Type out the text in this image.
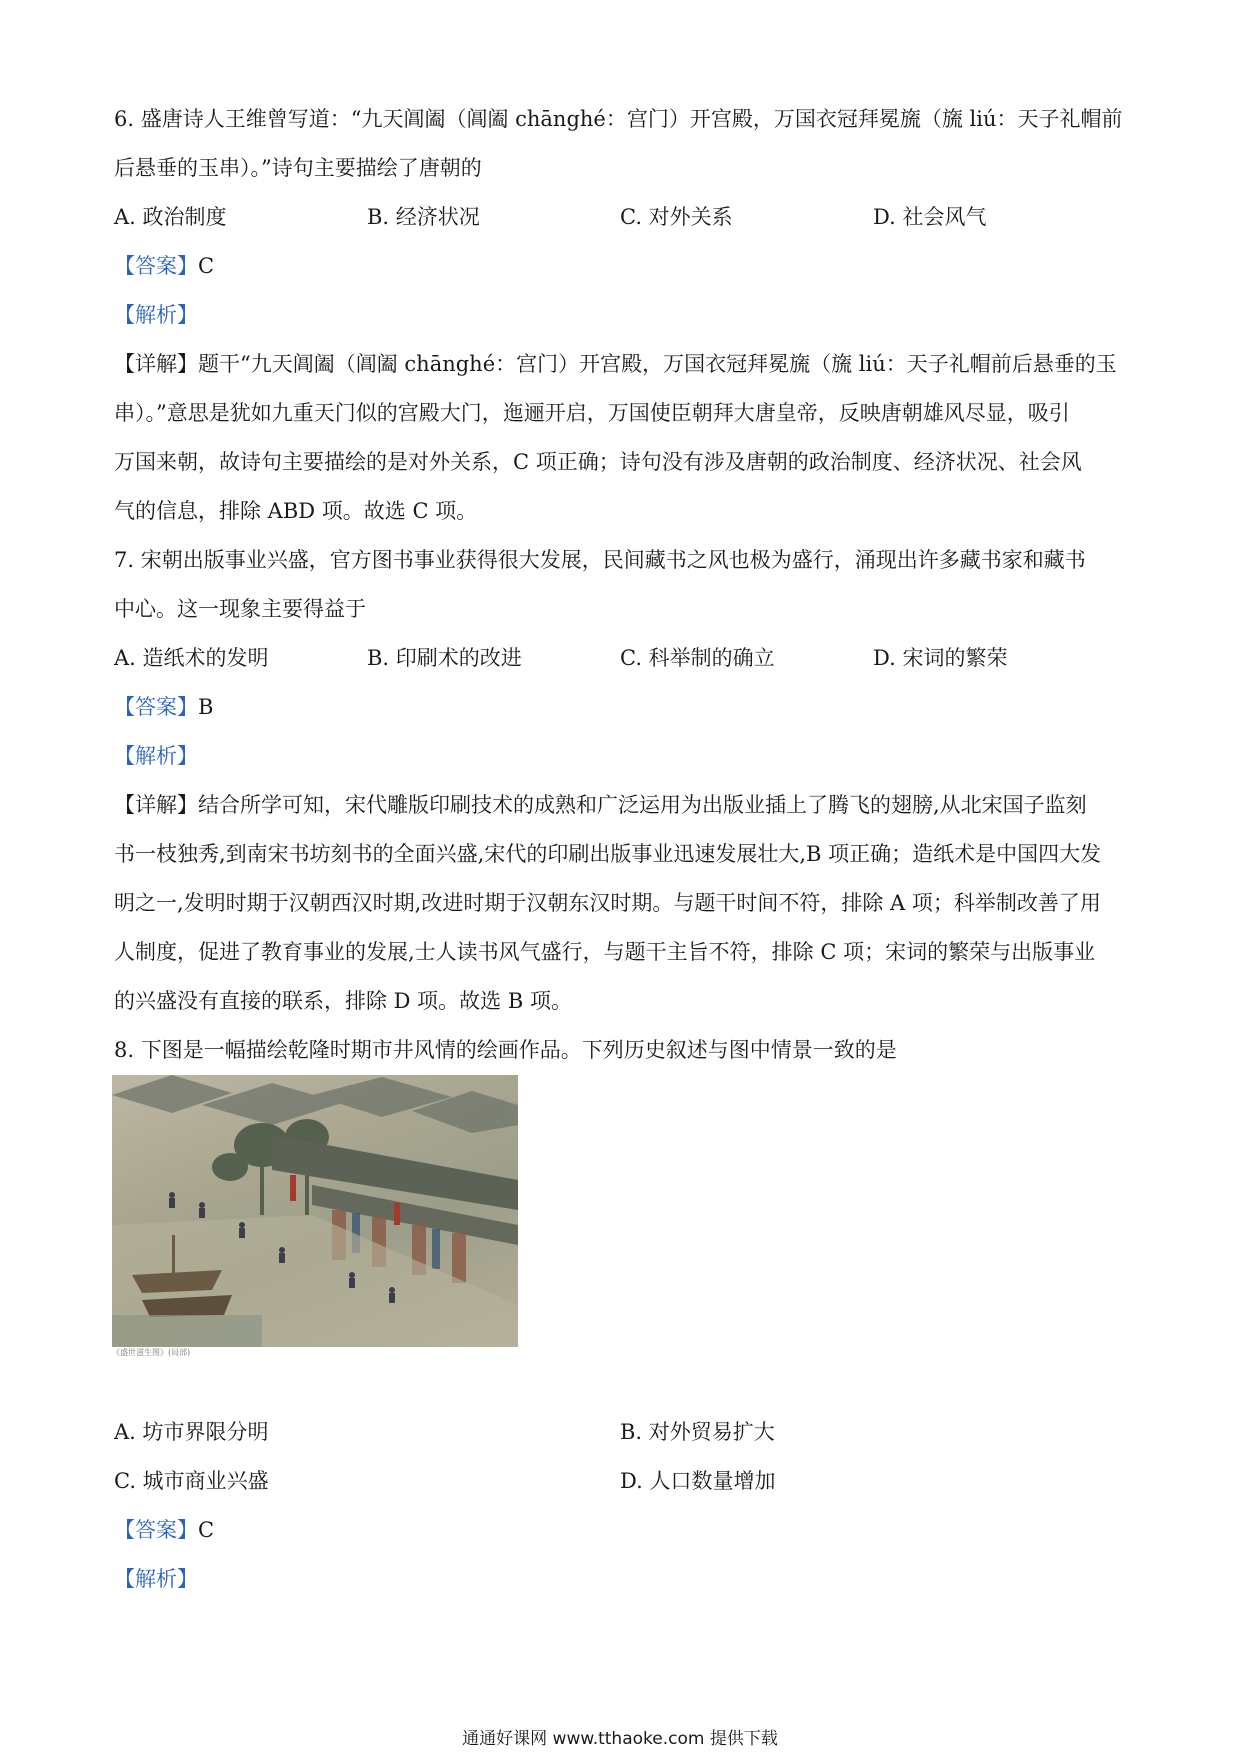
6. 盛唐诗人王维曾写道：“九天阊阖（阊阖 chānghé：宫门）开宫殿，万国衣冠拜冕旒（旒 liú：天子礼帽前
后悬垂的玉串）。”诗句主要描绘了唐朝的
A. 政治制度	B. 经济状况	C. 对外关系	D. 社会风气
【答案】C
【解析】
【详解】题干“九天阊阖（阊阖 chānghé：宫门）开宫殿，万国衣冠拜冕旒（旒 liú：天子礼帽前后悬垂的玉
串）。”意思是犹如九重天门似的宫殿大门，迤逦开启，万国使臣朝拜大唐皇帝，反映唐朝雄风尽显，吸引
万国来朝，故诗句主要描绘的是对外关系，C 项正确；诗句没有涉及唐朝的政治制度、经济状况、社会风
气的信息，排除 ABD 项。故选 C 项。
7. 宋朝出版事业兴盛，官方图书事业获得很大发展，民间藏书之风也极为盛行，涌现出许多藏书家和藏书
中心。这一现象主要得益于
A. 造纸术的发明	B. 印刷术的改进	C. 科举制的确立	D. 宋词的繁荣
【答案】B
【解析】
【详解】结合所学可知，宋代雕版印刷技术的成熟和广泛运用为出版业插上了腾飞的翅膀,从北宋国子监刻
书一枝独秀,到南宋书坊刻书的全面兴盛,宋代的印刷出版事业迅速发展壮大,B 项正确；造纸术是中国四大发
明之一,发明时期于汉朝西汉时期,改进时期于汉朝东汉时期。与题干时间不符，排除 A 项；科举制改善了用
人制度，促进了教育事业的发展,士人读书风气盛行，与题干主旨不符，排除 C 项；宋词的繁荣与出版事业
的兴盛没有直接的联系，排除 D 项。故选 B 项。
8. 下图是一幅描绘乾隆时期市井风情的绘画作品。下列历史叙述与图中情景一致的是
《盛世滋生图》(局部)
A. 坊市界限分明	B. 对外贸易扩大
C. 城市商业兴盛	D. 人口数量增加
【答案】C
【解析】
通通好课网 www.tthaoke.com 提供下载
